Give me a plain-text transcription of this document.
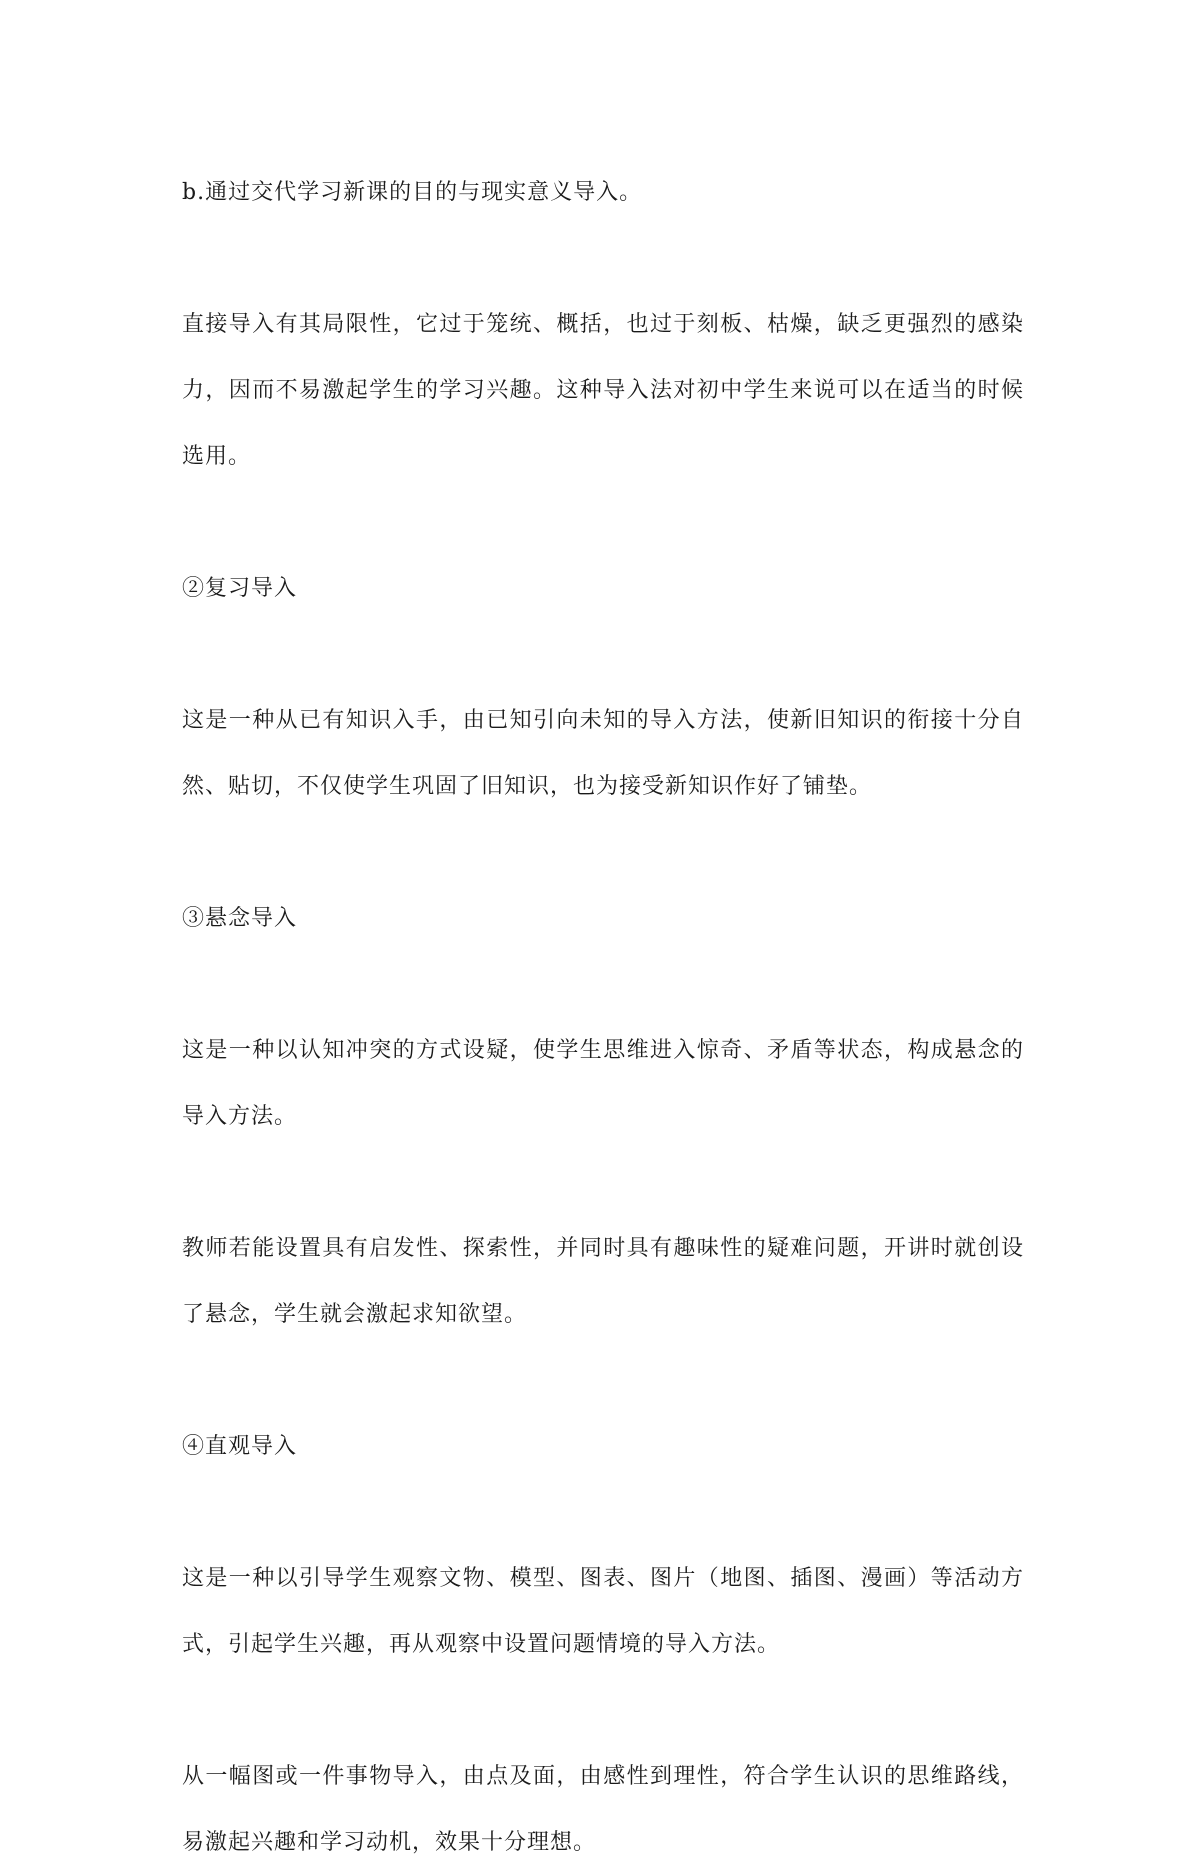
b.通过交代学习新课的目的与现实意义导入。

直接导入有其局限性，它过于笼统、概括，也过于刻板、枯燥，缺乏更强烈的感染力，因而不易激起学生的学习兴趣。这种导入法对初中学生来说可以在适当的时候选用。

②复习导入

这是一种从已有知识入手，由已知引向未知的导入方法，使新旧知识的衔接十分自然、贴切，不仅使学生巩固了旧知识，也为接受新知识作好了铺垫。

③悬念导入

这是一种以认知冲突的方式设疑，使学生思维进入惊奇、矛盾等状态，构成悬念的导入方法。

教师若能设置具有启发性、探索性，并同时具有趣味性的疑难问题，开讲时就创设了悬念，学生就会激起求知欲望。

④直观导入

这是一种以引导学生观察文物、模型、图表、图片（地图、插图、漫画）等活动方式，引起学生兴趣，再从观察中设置问题情境的导入方法。

从一幅图或一件事物导入，由点及面，由感性到理性，符合学生认识的思维路线，易激起兴趣和学习动机，效果十分理想。
